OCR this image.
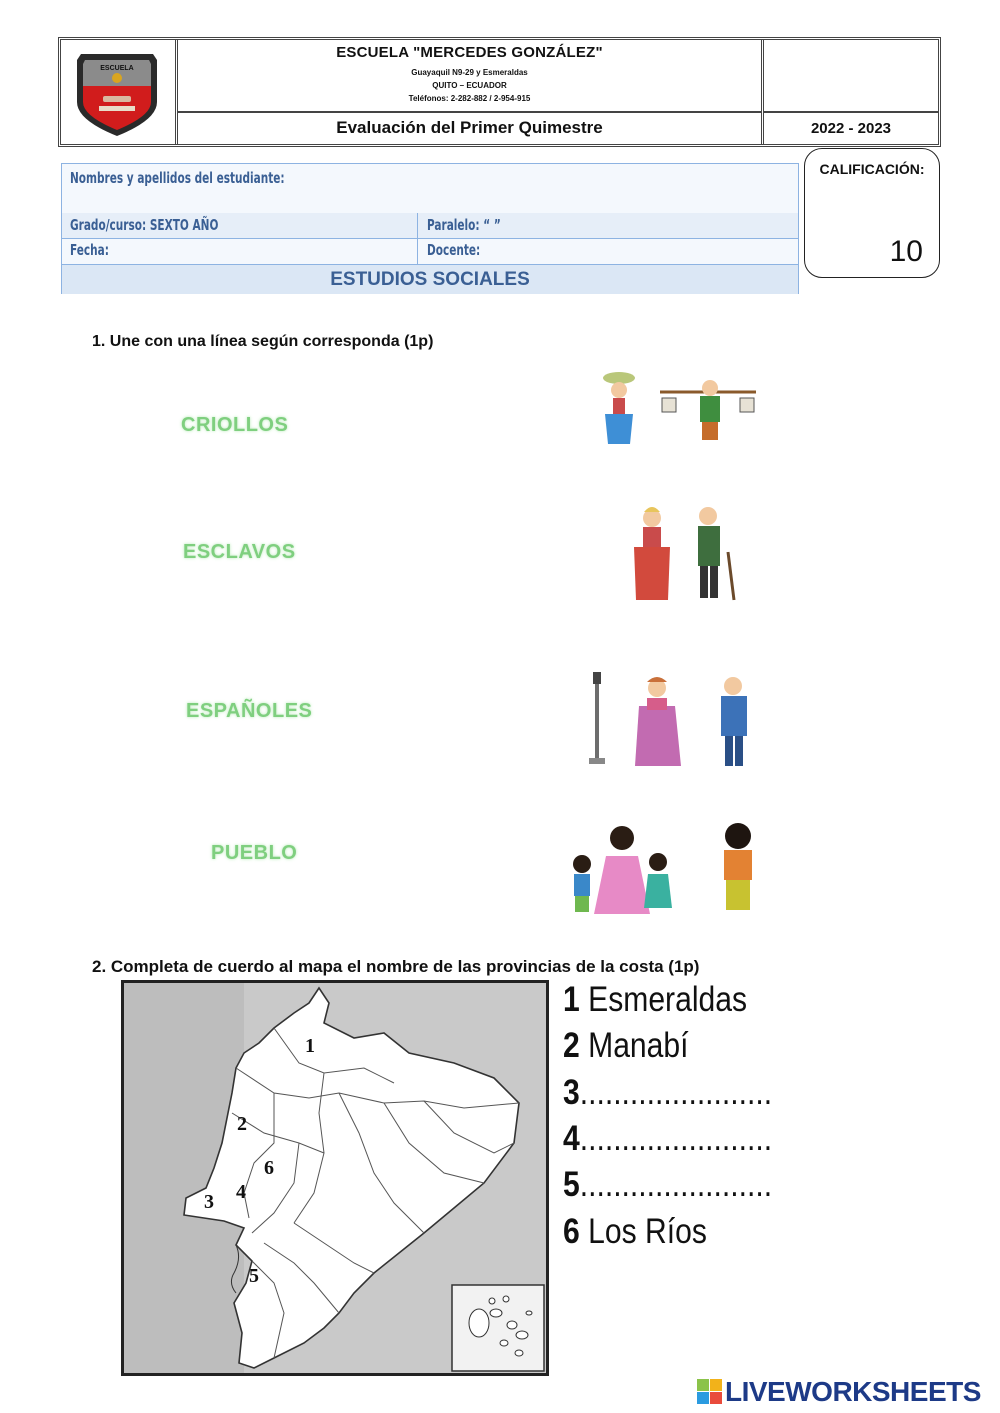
ESCUELA
ESCUELA "MERCEDES GONZÁLEZ"
Guayaquil N9-29 y Esmeraldas
QUITO – ECUADOR
Teléfonos: 2-282-882 / 2-954-915
Evaluación del Primer Quimestre	2022 - 2023
Nombres y apellidos del estudiante:
Grado/curso: SEXTO AÑO	Paralelo: “ ”
Fecha:	Docente:
ESTUDIOS SOCIALES
CALIFICACIÓN:
10
1. Une con una línea según corresponda (1p)
CRIOLLOS
ESCLAVOS
ESPAÑOLES
PUEBLO
2. Completa de cuerdo al mapa el nombre de las provincias de la costa (1p)
1
2
3 4
5
6
1 Esmeraldas
2 Manabí
3.......................
4.......................
5.......................
6 Los Ríos
LIVEWORKSHEETS
